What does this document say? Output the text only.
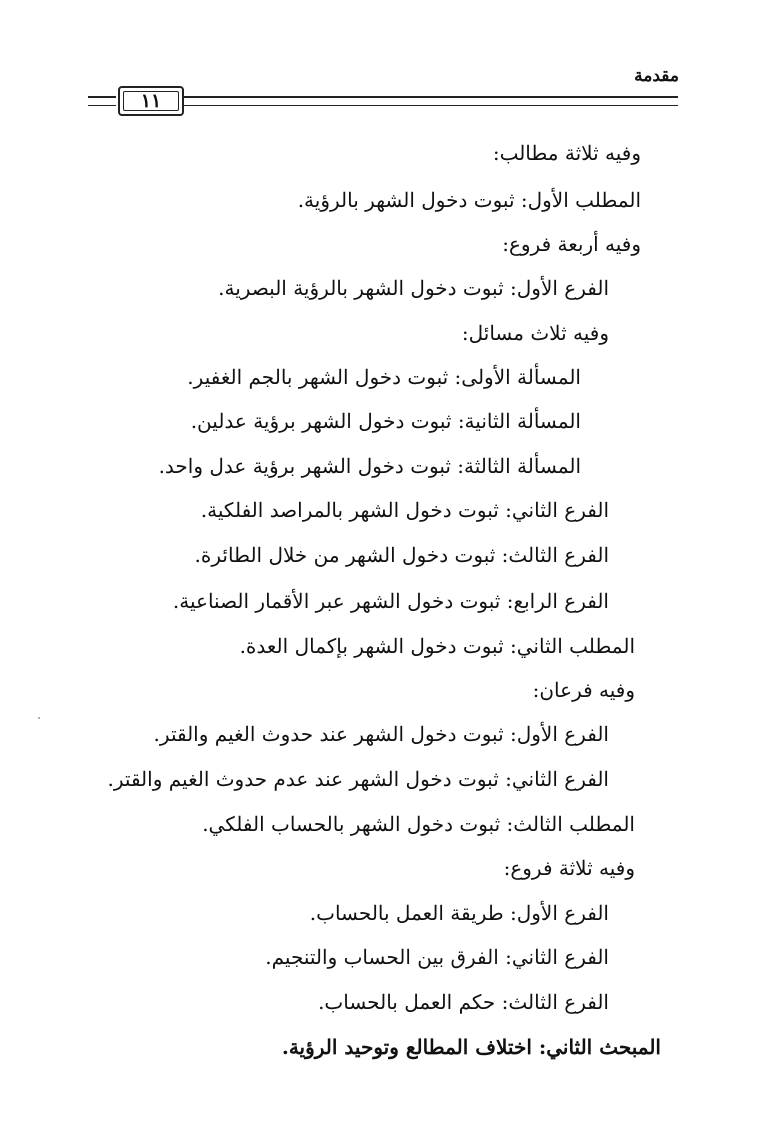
مقدمة
١١
وفيه ثلاثة مطالب:
المطلب الأول: ثبوت دخول الشهر بالرؤية.
وفيه أربعة فروع:
الفرع الأول: ثبوت دخول الشهر بالرؤية البصرية.
وفيه ثلاث مسائل:
المسألة الأولى: ثبوت دخول الشهر بالجم الغفير.
المسألة الثانية: ثبوت دخول الشهر برؤية عدلين.
المسألة الثالثة: ثبوت دخول الشهر برؤية عدل واحد.
الفرع الثاني: ثبوت دخول الشهر بالمراصد الفلكية.
الفرع الثالث: ثبوت دخول الشهر من خلال الطائرة.
الفرع الرابع: ثبوت دخول الشهر عبر الأقمار الصناعية.
المطلب الثاني: ثبوت دخول الشهر بإكمال العدة.
وفيه فرعان:
الفرع الأول: ثبوت دخول الشهر عند حدوث الغيم والقتر.
الفرع الثاني: ثبوت دخول الشهر عند عدم حدوث الغيم والقتر.
المطلب الثالث: ثبوت دخول الشهر بالحساب الفلكي.
وفيه ثلاثة فروع:
الفرع الأول: طريقة العمل بالحساب.
الفرع الثاني: الفرق بين الحساب والتنجيم.
الفرع الثالث: حكم العمل بالحساب.
المبحث الثاني: اختلاف المطالع وتوحيد الرؤية.
